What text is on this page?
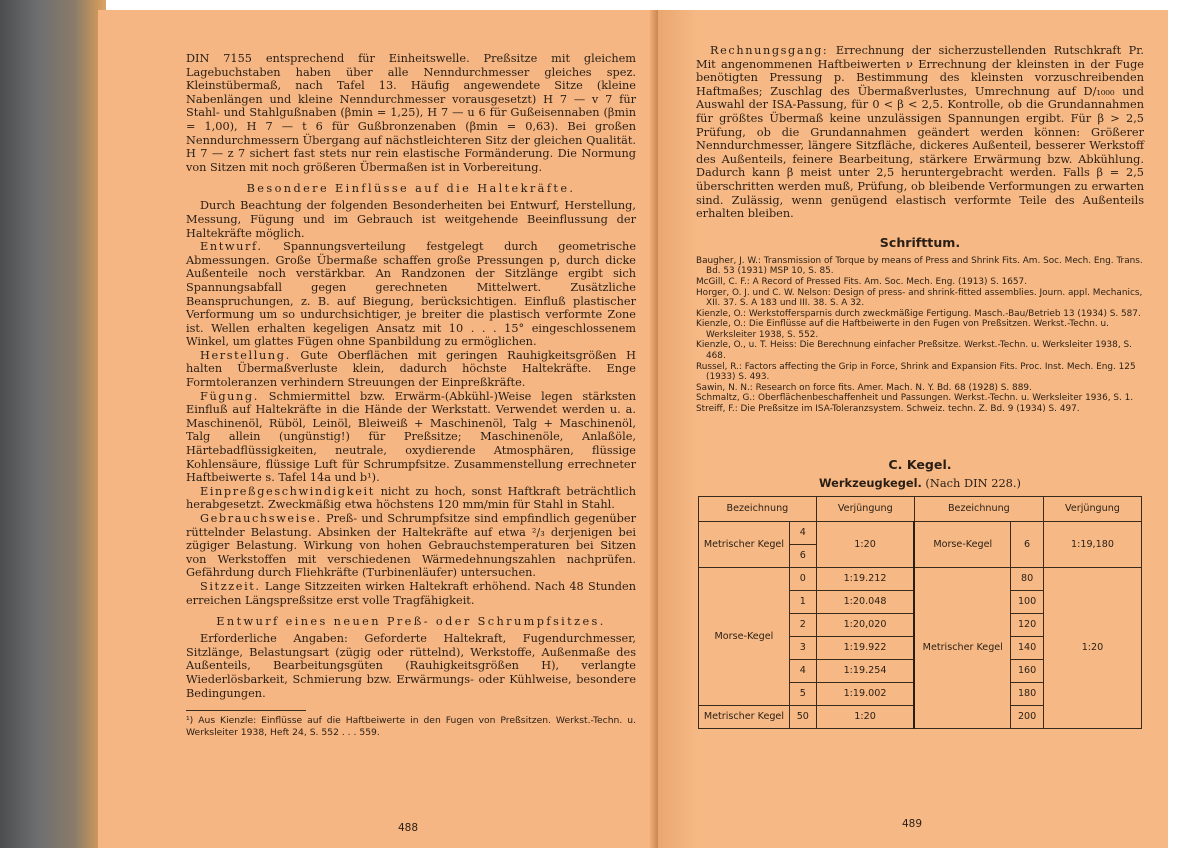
DIN 7155 entsprechend für Einheitswelle. Preßsitze mit gleichem Lagebuchstaben haben über alle Nenndurchmesser gleiches spez. Kleinstübermaß, nach Tafel 13. Häufig angewendete Sitze (kleine Nabenlängen und kleine Nenndurchmesser vorausgesetzt) H 7 — v 7 für Stahl- und Stahlgußnaben (βmin = 1,25), H 7 — u 6 für Gußeisennaben (βmin = 1,00), H 7 — t 6 für Gußbronzenaben (βmin = 0,63). Bei großen Nenndurchmessern Übergang auf nächstleichteren Sitz der gleichen Qualität. H 7 — z 7 sichert fast stets nur rein elastische Formänderung. Die Normung von Sitzen mit noch größeren Übermaßen ist in Vorbereitung.

Besondere Einflüsse auf die Haltekräfte.

Durch Beachtung der folgenden Besonderheiten bei Entwurf, Herstellung, Messung, Fügung und im Gebrauch ist weitgehende Beeinflussung der Haltekräfte möglich.

Entwurf. Spannungsverteilung festgelegt durch geometrische Abmessungen. Große Übermaße schaffen große Pressungen p, durch dicke Außenteile noch verstärkbar. An Randzonen der Sitzlänge ergibt sich Spannungsabfall gegen gerechneten Mittelwert. Zusätzliche Beanspruchungen, z. B. auf Biegung, berücksichtigen. Einfluß plastischer Verformung um so undurchsichtiger, je breiter die plastisch verformte Zone ist. Wellen erhalten kegeligen Ansatz mit 10 . . . 15° eingeschlossenem Winkel, um glattes Fügen ohne Spanbildung zu ermöglichen.

Herstellung. Gute Oberflächen mit geringen Rauhigkeitsgrößen H halten Übermaßverluste klein, dadurch höchste Haltekräfte. Enge Formtoleranzen verhindern Streuungen der Einpreßkräfte.

Fügung. Schmiermittel bzw. Erwärm-(Abkühl-)Weise legen stärksten Einfluß auf Haltekräfte in die Hände der Werkstatt. Verwendet werden u. a. Maschinenöl, Rüböl, Leinöl, Bleiweiß + Maschinenöl, Talg + Maschinenöl, Talg allein (ungünstig!) für Preßsitze; Maschinenöle, Anlaßöle, Härtebadflüssigkeiten, neutrale, oxydierende Atmosphären, flüssige Kohlensäure, flüssige Luft für Schrumpfsitze. Zusammenstellung errechneter Haftbeiwerte s. Tafel 14a und b¹).

Einpreßgeschwindigkeit nicht zu hoch, sonst Haftkraft beträchtlich herabgesetzt. Zweckmäßig etwa höchstens 120 mm/min für Stahl in Stahl.

Gebrauchsweise. Preß- und Schrumpfsitze sind empfindlich gegenüber rüttelnder Belastung. Absinken der Haltekräfte auf etwa ²/₃ derjenigen bei zügiger Belastung. Wirkung von hohen Gebrauchstemperaturen bei Sitzen von Werkstoffen mit verschiedenen Wärmedehnungszahlen nachprüfen. Gefährdung durch Fliehkräfte (Turbinenläufer) untersuchen.

Sitzzeit. Lange Sitzzeiten wirken Haltekraft erhöhend. Nach 48 Stunden erreichen Längspreßsitze erst volle Tragfähigkeit.

Entwurf eines neuen Preß- oder Schrumpfsitzes.

Erforderliche Angaben: Geforderte Haltekraft, Fugendurchmesser, Sitzlänge, Belastungsart (zügig oder rüttelnd), Werkstoffe, Außenmaße des Außenteils, Bearbeitungsgüten (Rauhigkeitsgrößen H), verlangte Wiederlösbarkeit, Schmierung bzw. Erwärmungs- oder Kühlweise, besondere Bedingungen.

¹) Aus Kienzle: Einflüsse auf die Haftbeiwerte in den Fugen von Preßsitzen. Werkst.-Techn. u. Werksleiter 1938, Heft 24, S. 552 . . . 559.

488

Rechnungsgang: Errechnung der sicherzustellenden Rutschkraft Pr. Mit angenommenen Haftbeiwerten ν Errechnung der kleinsten in der Fuge benötigten Pressung p. Bestimmung des kleinsten vorzuschreibenden Haftmaßes; Zuschlag des Übermaßverlustes, Umrechnung auf D/₁₀₀₀ und Auswahl der ISA-Passung, für 0 < β < 2,5. Kontrolle, ob die Grundannahmen für größtes Übermaß keine unzulässigen Spannungen ergibt. Für β > 2,5 Prüfung, ob die Grundannahmen geändert werden können: Größerer Nenndurchmesser, längere Sitzfläche, dickeres Außenteil, besserer Werkstoff des Außenteils, feinere Bearbeitung, stärkere Erwärmung bzw. Abkühlung. Dadurch kann β meist unter 2,5 heruntergebracht werden. Falls β = 2,5 überschritten werden muß, Prüfung, ob bleibende Verformungen zu erwarten sind. Zulässig, wenn genügend elastisch verformte Teile des Außenteils erhalten bleiben.

Schrifttum.

Baugher, J. W.: Transmission of Torque by means of Press and Shrink Fits. Am. Soc. Mech. Eng. Trans. Bd. 53 (1931) MSP 10, S. 85.

McGill, C. F.: A Record of Pressed Fits. Am. Soc. Mech. Eng. (1913) S. 1657.

Horger, O. J. und C. W. Nelson: Design of press- and shrink-fitted assemblies. Journ. appl. Mechanics, XII. 37. S. A 183 und III. 38. S. A 32.

Kienzle, O.: Werkstoffersparnis durch zweckmäßige Fertigung. Masch.-Bau/Betrieb 13 (1934) S. 587.

Kienzle, O.: Die Einflüsse auf die Haftbeiwerte in den Fugen von Preßsitzen. Werkst.-Techn. u. Werksleiter 1938, S. 552.

Kienzle, O., u. T. Heiss: Die Berechnung einfacher Preßsitze. Werkst.-Techn. u. Werksleiter 1938, S. 468.

Russel, R.: Factors affecting the Grip in Force, Shrink and Expansion Fits. Proc. Inst. Mech. Eng. 125 (1933) S. 493.

Sawin, N. N.: Research on force fits. Amer. Mach. N. Y. Bd. 68 (1928) S. 889.

Schmaltz, G.: Oberflächenbeschaffenheit und Passungen. Werkst.-Techn. u. Werksleiter 1936, S. 1.

Streiff, F.: Die Preßsitze im ISA-Toleranzsystem. Schweiz. techn. Z. Bd. 9 (1934) S. 497.

C. Kegel.
Werkzeugkegel. (Nach DIN 228.)
Bezeichnung		Verjüngung	Bezeichnung		Verjüngung
Metrischer Kegel	4	1:20	Morse-Kegel	6	1:19,180
	6				
Morse-Kegel	0	1:19.212	Metrischer Kegel	80	1:20
	1	1:20.048		100	
	2	1:20,020		120	
	3	1:19.922		140	
	4	1:19.254		160	
	5	1:19.002		180	
Metrischer Kegel	50	1:20		200	
489
